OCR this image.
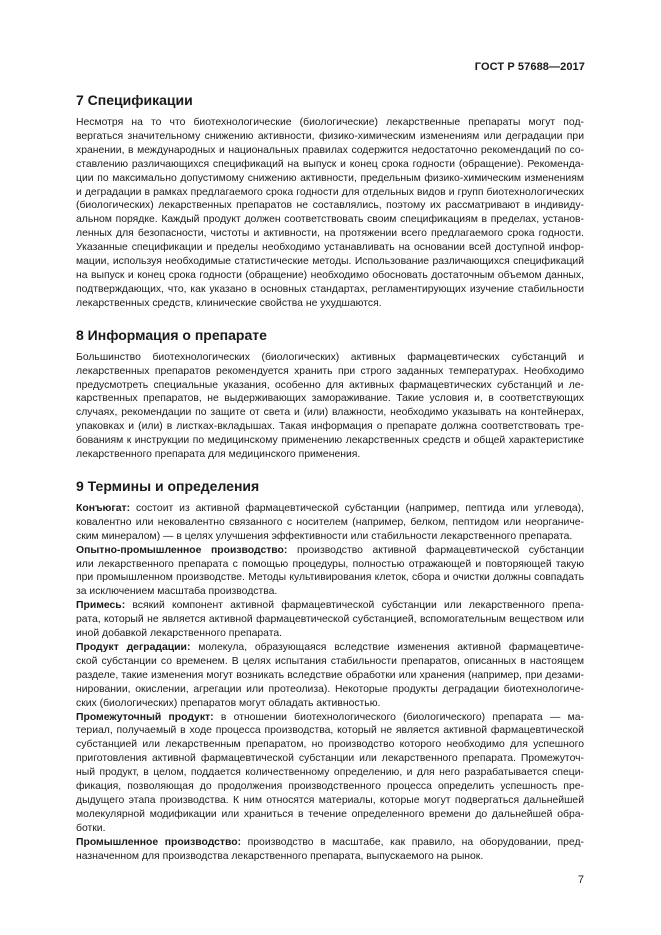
ГОСТ Р 57688—2017
7 Спецификации
Несмотря на то что биотехнологические (биологические) лекарственные препараты могут под-
вергаться значительному снижению активности, физико-химическим изменениям или деградации при
хранении, в международных и национальных правилах содержится недостаточно рекомендаций по со-
ставлению различающихся спецификаций на выпуск и конец срока годности (обращение). Рекоменда-
ции по максимально допустимому снижению активности, предельным физико-химическим изменениям
и деградации в рамках предлагаемого срока годности для отдельных видов и групп биотехнологических
(биологических) лекарственных препаратов не составлялись, поэтому их рассматривают в индивиду-
альном порядке. Каждый продукт должен соответствовать своим спецификациям в пределах, установ-
ленных для безопасности, чистоты и активности, на протяжении всего предлагаемого срока годности.
Указанные спецификации и пределы необходимо устанавливать на основании всей доступной инфор-
мации, используя необходимые статистические методы. Использование различающихся спецификаций
на выпуск и конец срока годности (обращение) необходимо обосновать достаточным объемом данных,
подтверждающих, что, как указано в основных стандартах, регламентирующих изучение стабильности
лекарственных средств, клинические свойства не ухудшаются.
8 Информация о препарате
Большинство биотехнологических (биологических) активных фармацевтических субстанций и
лекарственных препаратов рекомендуется хранить при строго заданных температурах. Необходимо
предусмотреть специальные указания, особенно для активных фармацевтических субстанций и ле-
карственных препаратов, не выдерживающих замораживание. Такие условия и, в соответствующих
случаях, рекомендации по защите от света и (или) влажности, необходимо указывать на контейнерах,
упаковках и (или) в листках-вкладышах. Такая информация о препарате должна соответствовать тре-
бованиям к инструкции по медицинскому применению лекарственных средств и общей характеристике
лекарственного препарата для медицинского применения.
9 Термины и определения
Конъюгат: состоит из активной фармацевтической субстанции (например, пептида или углевода),
ковалентно или нековалентно связанного с носителем (например, белком, пептидом или неорганиче-
ским минералом) — в целях улучшения эффективности или стабильности лекарственного препарата.
Опытно-промышленное производство: производство активной фармацевтической субстанции
или лекарственного препарата с помощью процедуры, полностью отражающей и повторяющей такую
при промышленном производстве. Методы культивирования клеток, сбора и очистки должны совпадать
за исключением масштаба производства.
Примесь: всякий компонент активной фармацевтической субстанции или лекарственного препа-
рата, который не является активной фармацевтической субстанцией, вспомогательным веществом или
иной добавкой лекарственного препарата.
Продукт деградации: молекула, образующаяся вследствие изменения активной фармацевтиче-
ской субстанции со временем. В целях испытания стабильности препаратов, описанных в настоящем
разделе, такие изменения могут возникать вследствие обработки или хранения (например, при дезами-
нировании, окислении, агрегации или протеолиза). Некоторые продукты деградации биотехнологиче-
ских (биологических) препаратов могут обладать активностью.
Промежуточный продукт: в отношении биотехнологического (биологического) препарата — ма-
териал, получаемый в ходе процесса производства, который не является активной фармацевтической
субстанцией или лекарственным препаратом, но производство которого необходимо для успешного
приготовления активной фармацевтической субстанции или лекарственного препарата. Промежуточ-
ный продукт, в целом, поддается количественному определению, и для него разрабатывается специ-
фикация, позволяющая до продолжения производственного процесса определить успешность пре-
дыдущего этапа производства. К ним относятся материалы, которые могут подвергаться дальнейшей
молекулярной модификации или храниться в течение определенного времени до дальнейшей обра-
ботки.
Промышленное производство: производство в масштабе, как правило, на оборудовании, пред-
назначенном для производства лекарственного препарата, выпускаемого на рынок.
7
